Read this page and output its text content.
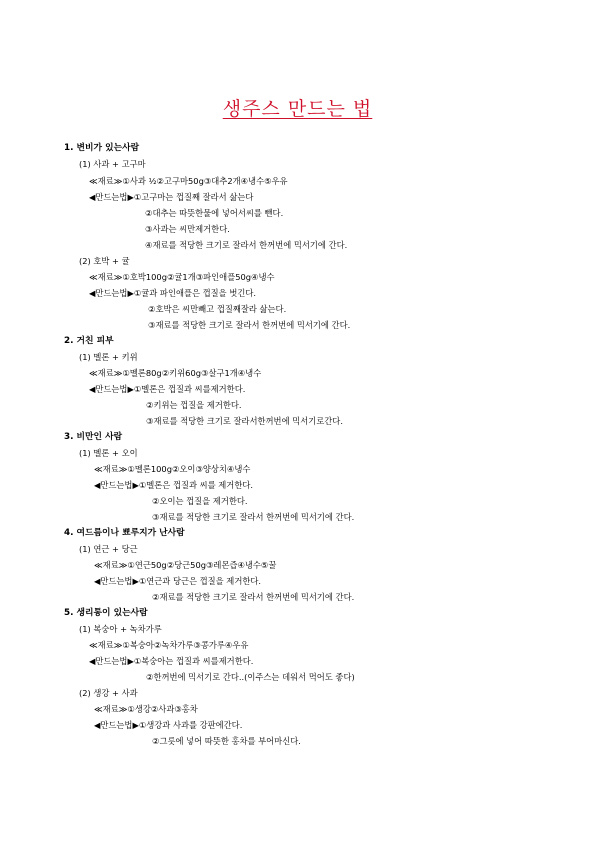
생주스 만드는 법
1. 변비가 있는사람
(1) 사과 + 고구마
≪재료≫①사과 ½②고구마50g③대추2개④냉수⑤우유
◀만드는법▶①고구마는 껍질째 잘라서 삶는다
②대추는 따뜻한물에 넣어서씨를 뺀다.
③사과는 씨만제거한다.
④재료를 적당한 크기로 잘라서 한꺼번에 믹서기에 간다.
(2) 호박 + 귤
≪재료≫①호박100g②귤1개③파인애플50g④냉수
◀만드는법▶①귤과 파인애플은 껍질을 벗긴다.
②호박은 씨만빼고 껍질째잘라 삶는다.
③재료를 적당한 크기로 잘라서 한꺼번에 믹서기에 간다.
2. 거친 피부
(1) 멜론 + 키위
≪재료≫①멜론80g②키위60g③살구1개④냉수
◀만드는법▶①멜론은 껍질과 씨를제거한다.
②키위는 껍질을 제거한다.
③재료를 적당한 크기로 잘라서한꺼번에 믹서기로간다.
3. 비만인 사람
(1) 멜론 + 오이
≪재료≫①멜론100g②오이③양상치④냉수
◀만드는법▶①멜론은 껍질과 씨를 제거한다.
②오이는 껍질을 제거한다.
③재료를 적당한 크기로 잘라서 한꺼번에 믹서기에 간다.
4. 여드름이나 뾰루지가 난사람
(1) 연근 + 당근
≪재료≫①연근50g②당근50g③레몬즙④냉수⑤꿀
◀만드는법▶①연근과 당근은 껍질을 제거한다.
②재료를 적당한 크기로 잘라서 한꺼번에 믹서기에 간다.
5. 생리통이 있는사람
(1) 복숭아 + 녹차가루
≪재료≫①복숭아②녹차가루③콩가루④우유
◀만드는법▶①복숭아는 껍질과 씨를제거한다.
②한꺼번에 믹서기로 간다..(이주스는 데워서 먹어도 좋다)
(2) 생강 + 사과
≪재료≫①생강②사과③홍차
◀만드는법▶①생강과 사과를 강판에간다.
②그릇에 넣어 따뜻한 홍차를 부어마신다.
